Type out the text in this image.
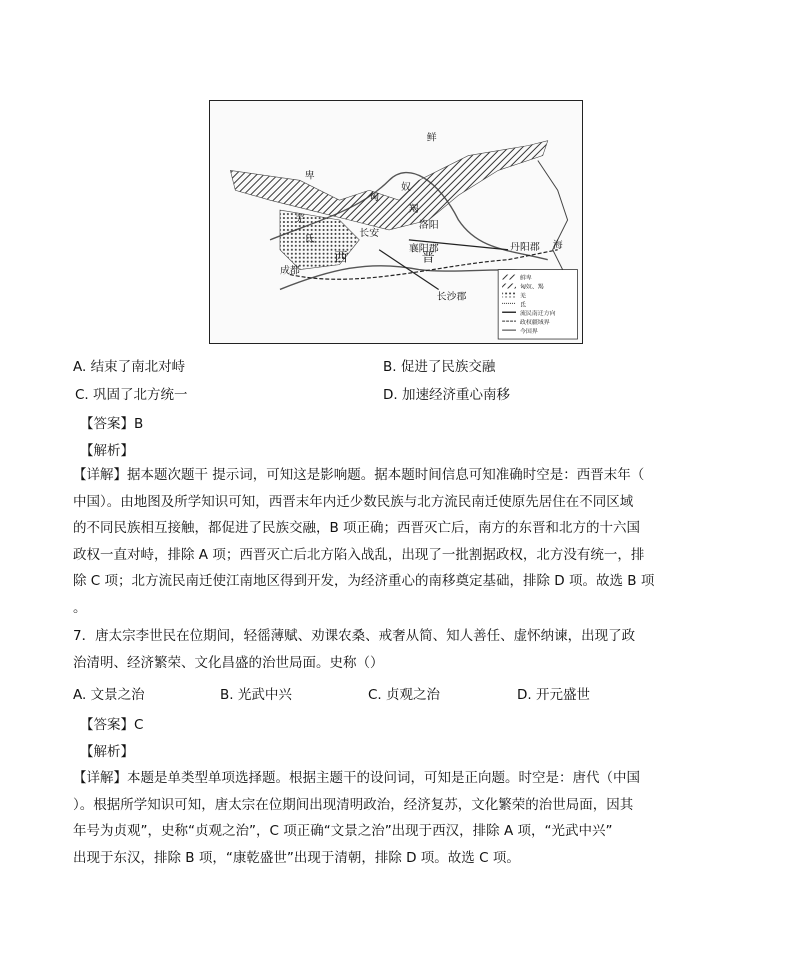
鲜
卑
匈
奴
羯
羌
氐
洛阳
长安
襄阳郡
西	晋
成都
长沙郡
丹阳郡 海
鲜卑
匈奴、羯
羌
氐
流民南迁方向
政权疆域界
今国界
A. 结束了南北对峙	B. 促进了民族交融
C. 巩固了北方统一	D. 加速经济重心南移
【答案】B
【解析】
【详解】据本题次题干 提示词，可知这是影响题。据本题时间信息可知准确时空是：西晋末年（
中国）。由地图及所学知识可知，西晋末年内迁少数民族与北方流民南迁使原先居住在不同区域
的不同民族相互接触，都促进了民族交融，B 项正确；西晋灭亡后，南方的东晋和北方的十六国
政权一直对峙，排除 A 项；西晋灭亡后北方陷入战乱，出现了一批割据政权，北方没有统一，排
除 C 项；北方流民南迁使江南地区得到开发，为经济重心的南移奠定基础，排除 D 项。故选 B 项
。
7．唐太宗李世民在位期间，轻徭薄赋、劝课农桑、戒奢从简、知人善任、虚怀纳谏，出现了政
治清明、经济繁荣、文化昌盛的治世局面。史称（）
A. 文景之治	B. 光武中兴	C. 贞观之治	D. 开元盛世
【答案】C
【解析】
【详解】本题是单类型单项选择题。根据主题干的设问词，可知是正向题。时空是：唐代（中国
）。根据所学知识可知，唐太宗在位期间出现清明政治，经济复苏，文化繁荣的治世局面，因其
年号为贞观”，史称“贞观之治”，C 项正确“文景之治”出现于西汉，排除 A 项，“光武中兴”
出现于东汉，排除 B 项，“康乾盛世”出现于清朝，排除 D 项。故选 C 项。
